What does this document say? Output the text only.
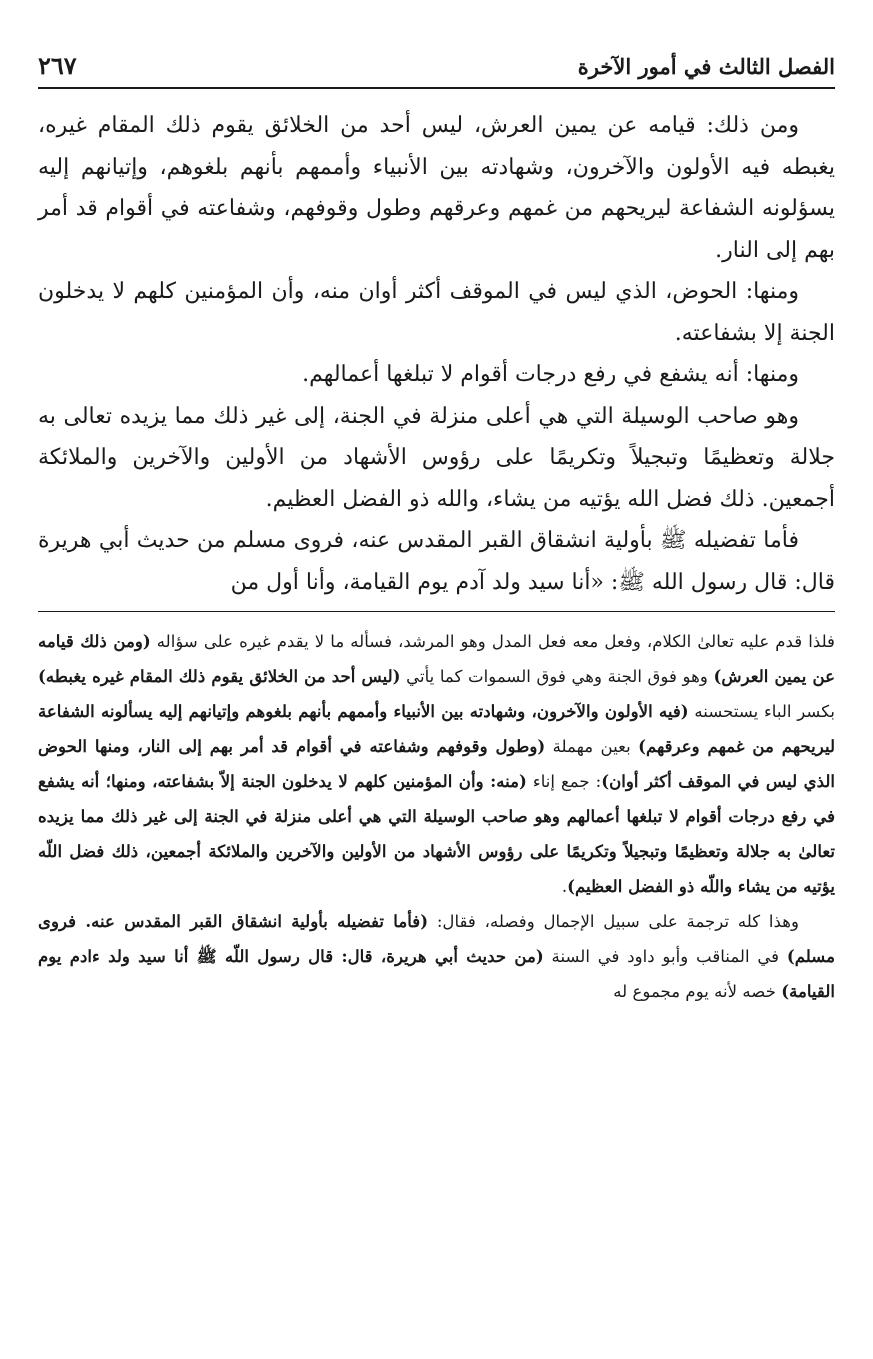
الفصل الثالث في أمور الآخرة
٢٦٧

ومن ذلك: قيامه عن يمين العرش، ليس أحد من الخلائق يقوم ذلك المقام غيره، يغبطه فيه الأولون والآخرون، وشهادته بين الأنبياء وأممهم بأنهم بلغوهم، وإتيانهم إليه يسؤلونه الشفاعة ليريحهم من غمهم وعرقهم وطول وقوفهم، وشفاعته في أقوام قد أمر بهم إلى النار.

ومنها: الحوض، الذي ليس في الموقف أكثر أوان منه، وأن المؤمنين كلهم لا يدخلون الجنة إلا بشفاعته.

ومنها: أنه يشفع في رفع درجات أقوام لا تبلغها أعمالهم.

وهو صاحب الوسيلة التي هي أعلى منزلة في الجنة، إلى غير ذلك مما يزيده تعالى به جلالة وتعظيمًا وتبجيلاً وتكريمًا على رؤوس الأشهاد من الأولين والآخرين والملائكة أجمعين. ذلك فضل الله يؤتيه من يشاء، والله ذو الفضل العظيم.

فأما تفضيله ﷺ بأولية انشقاق القبر المقدس عنه، فروى مسلم من حديث أبي هريرة قال: قال رسول الله ﷺ: «أنا سيد ولد آدم يوم القيامة، وأنا أول من

فلذا قدم عليه تعالىٰ الكلام، وفعل معه فعل المدل وهو المرشد، فسأله ما لا يقدم غيره على سؤاله (ومن ذلك قيامه عن يمين العرش) وهو فوق الجنة وهي فوق السموات كما يأتي (ليس أحد من الخلائق يقوم ذلك المقام غيره يغبطه) بكسر الباء يستحسنه (فيه الأولون والآخرون، وشهادته بين الأنبياء وأممهم بأنهم بلغوهم وإتيانهم إليه يسألونه الشفاعة ليريحهم من غمهم وعرقهم) بعين مهملة (وطول وقوفهم وشفاعته في أقوام قد أمر بهم إلى النار، ومنها الحوض الذي ليس في الموقف أكثر أوان): جمع إناء (منه: وأن المؤمنين كلهم لا يدخلون الجنة إلاّ بشفاعته، ومنها؛ أنه يشفع في رفع درجات أقوام لا تبلغها أعمالهم وهو صاحب الوسيلة التي هي أعلى منزلة في الجنة إلى غير ذلك مما يزيده تعالىٰ به جلالة وتعظيمًا وتبجيلاً وتكريمًا على رؤوس الأشهاد من الأولين والآخرين والملائكة أجمعين، ذلك فضل اللّه يؤتيه من يشاء واللّه ذو الفضل العظيم).

وهذا كله ترجمة على سبيل الإجمال وفصله، فقال: (فأما تفضيله بأولية انشقاق القبر المقدس عنه. فروى مسلم) في المناقب وأبو داود في السنة (من حديث أبي هريرة، قال: قال رسول اللّه ﷺ أنا سيد ولد ءادم يوم القيامة) خصه لأنه يوم مجموع له
